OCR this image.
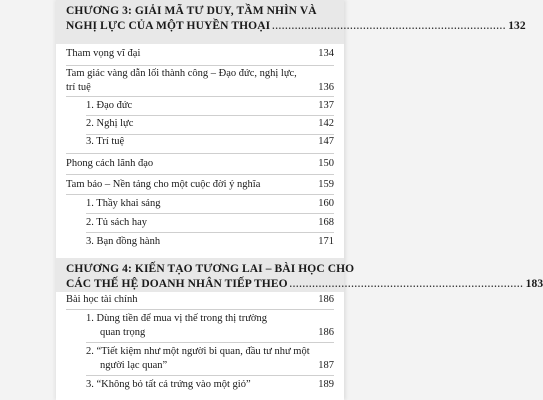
CHƯƠNG 3: GIẢI MÃ TƯ DUY, TẦM NHÌN VÀ
NGHỊ LỰC CỦA MỘT HUYỀN THOẠI ........................................................................ 132
Tham vọng vĩ đại	134
Tam giác vàng dẫn lối thành công – Đạo đức, nghị lực,
trí tuệ	136
1. Đạo đức	137
2. Nghị lực	142
3. Trí tuệ	147
Phong cách lãnh đạo	150
Tam bảo – Nền tảng cho một cuộc đời ý nghĩa	159
1. Thầy khai sáng	160
2. Tủ sách hay	168
3. Bạn đồng hành	171
CHƯƠNG 4: KIẾN TẠO TƯƠNG LAI – BÀI HỌC CHO
CÁC THẾ HỆ DOANH NHÂN TIẾP THEO ........................................................................ 183
Bài học tài chính	186
1. Dùng tiền để mua vị thế trong thị trường
quan trọng	186
2. “Tiết kiệm như một người bi quan, đầu tư như một
người lạc quan”	187
3. “Không bỏ tất cả trứng vào một giỏ”	189
